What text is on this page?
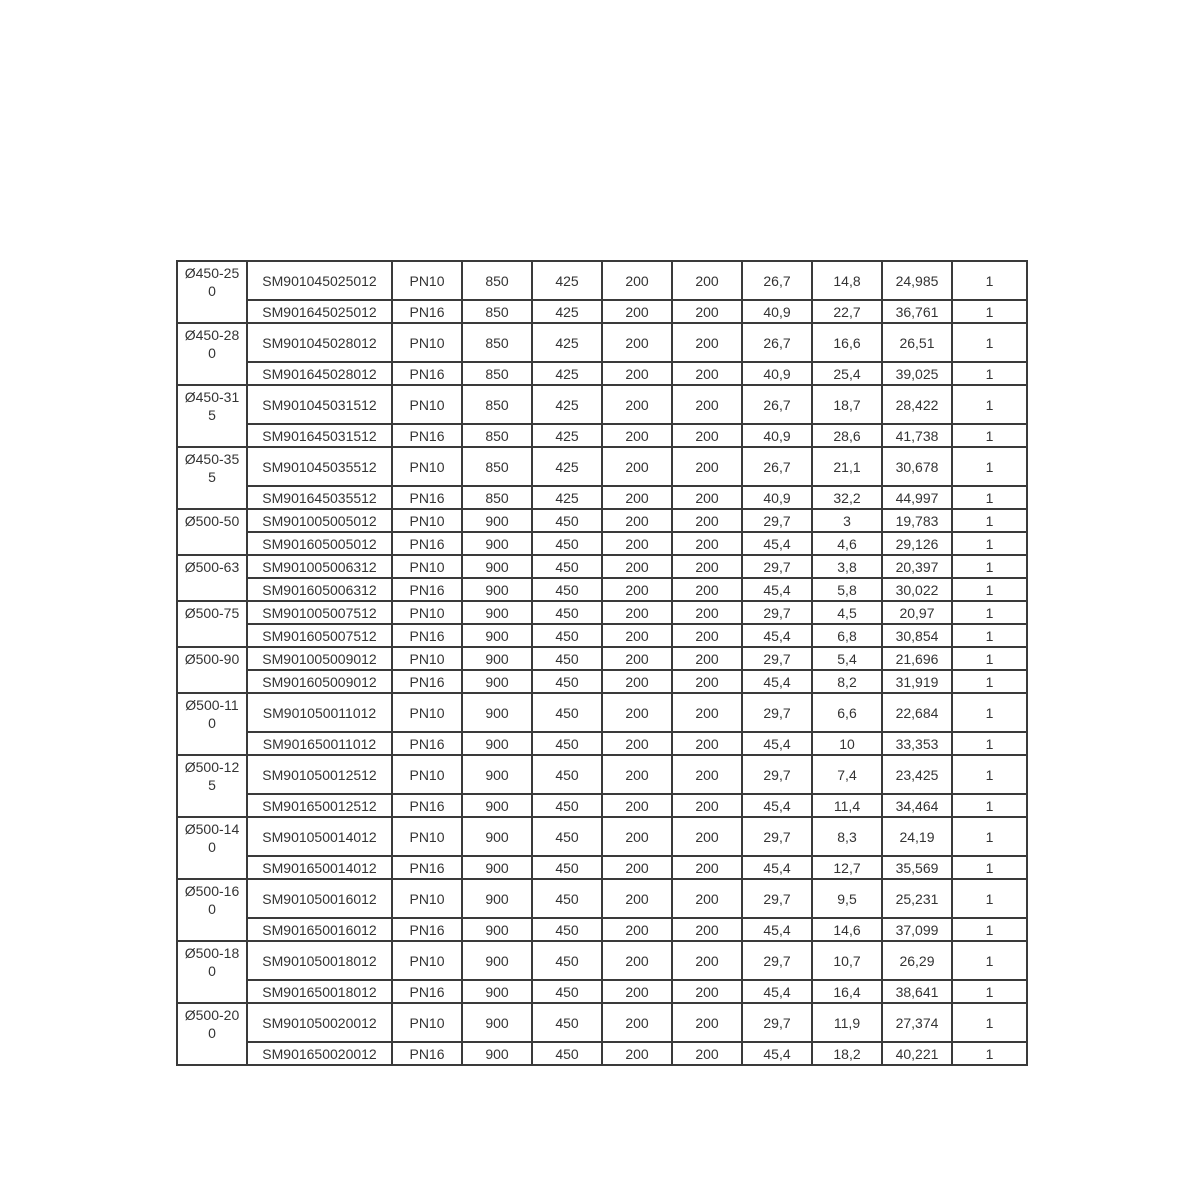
Ø450-250	SM901045025012	PN10	850	425	200	200	26,7	14,8	24,985	1
	SM901645025012	PN16	850	425	200	200	40,9	22,7	36,761	1

Ø450-280	SM901045028012	PN10	850	425	200	200	26,7	16,6	26,51	1
	SM901645028012	PN16	850	425	200	200	40,9	25,4	39,025	1

Ø450-315	SM901045031512	PN10	850	425	200	200	26,7	18,7	28,422	1
	SM901645031512	PN16	850	425	200	200	40,9	28,6	41,738	1

Ø450-355	SM901045035512	PN10	850	425	200	200	26,7	21,1	30,678	1
	SM901645035512	PN16	850	425	200	200	40,9	32,2	44,997	1

Ø500-50	SM901005005012	PN10	900	450	200	200	29,7	3	19,783	1
	SM901605005012	PN16	900	450	200	200	45,4	4,6	29,126	1

Ø500-63	SM901005006312	PN10	900	450	200	200	29,7	3,8	20,397	1
	SM901605006312	PN16	900	450	200	200	45,4	5,8	30,022	1

Ø500-75	SM901005007512	PN10	900	450	200	200	29,7	4,5	20,97	1
	SM901605007512	PN16	900	450	200	200	45,4	6,8	30,854	1

Ø500-90	SM901005009012	PN10	900	450	200	200	29,7	5,4	21,696	1
	SM901605009012	PN16	900	450	200	200	45,4	8,2	31,919	1

Ø500-110	SM901050011012	PN10	900	450	200	200	29,7	6,6	22,684	1
	SM901650011012	PN16	900	450	200	200	45,4	10	33,353	1

Ø500-125	SM901050012512	PN10	900	450	200	200	29,7	7,4	23,425	1
	SM901650012512	PN16	900	450	200	200	45,4	11,4	34,464	1

Ø500-140	SM901050014012	PN10	900	450	200	200	29,7	8,3	24,19	1
	SM901650014012	PN16	900	450	200	200	45,4	12,7	35,569	1

Ø500-160	SM901050016012	PN10	900	450	200	200	29,7	9,5	25,231	1
	SM901650016012	PN16	900	450	200	200	45,4	14,6	37,099	1

Ø500-180	SM901050018012	PN10	900	450	200	200	29,7	10,7	26,29	1
	SM901650018012	PN16	900	450	200	200	45,4	16,4	38,641	1

Ø500-200	SM901050020012	PN10	900	450	200	200	29,7	11,9	27,374	1
	SM901650020012	PN16	900	450	200	200	45,4	18,2	40,221	1
